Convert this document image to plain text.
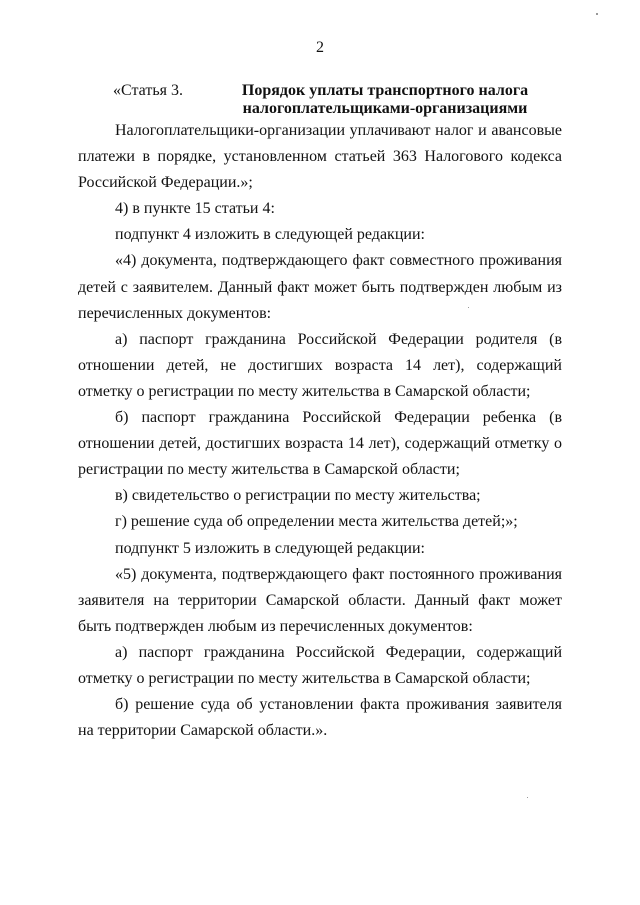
2
«Статья 3.	Порядок уплаты транспортного налога
налогоплательщиками-организациями

Налогоплательщики-организации уплачивают налог и авансовые платежи в порядке, установленном статьей 363 Налогового кодекса Российской Федерации.»;

4) в пункте 15 статьи 4:

подпункт 4 изложить в следующей редакции:

«4) документа, подтверждающего факт совместного проживания детей с заявителем. Данный факт может быть подтвержден любым из перечисленных документов:

а) паспорт гражданина Российской Федерации родителя (в отношении детей, не достигших возраста 14 лет), содержащий отметку о регистрации по месту жительства в Самарской области;

б) паспорт гражданина Российской Федерации ребенка (в отношении детей, достигших возраста 14 лет), содержащий отметку о регистрации по месту жительства в Самарской области;

в) свидетельство о регистрации по месту жительства;

г) решение суда об определении места жительства детей;»;

подпункт 5 изложить в следующей редакции:

«5) документа, подтверждающего факт постоянного проживания заявителя на территории Самарской области. Данный факт может быть подтвержден любым из перечисленных документов:

а) паспорт гражданина Российской Федерации, содержащий отметку о регистрации по месту жительства в Самарской области;

б) решение суда об установлении факта проживания заявителя на территории Самарской области.».
